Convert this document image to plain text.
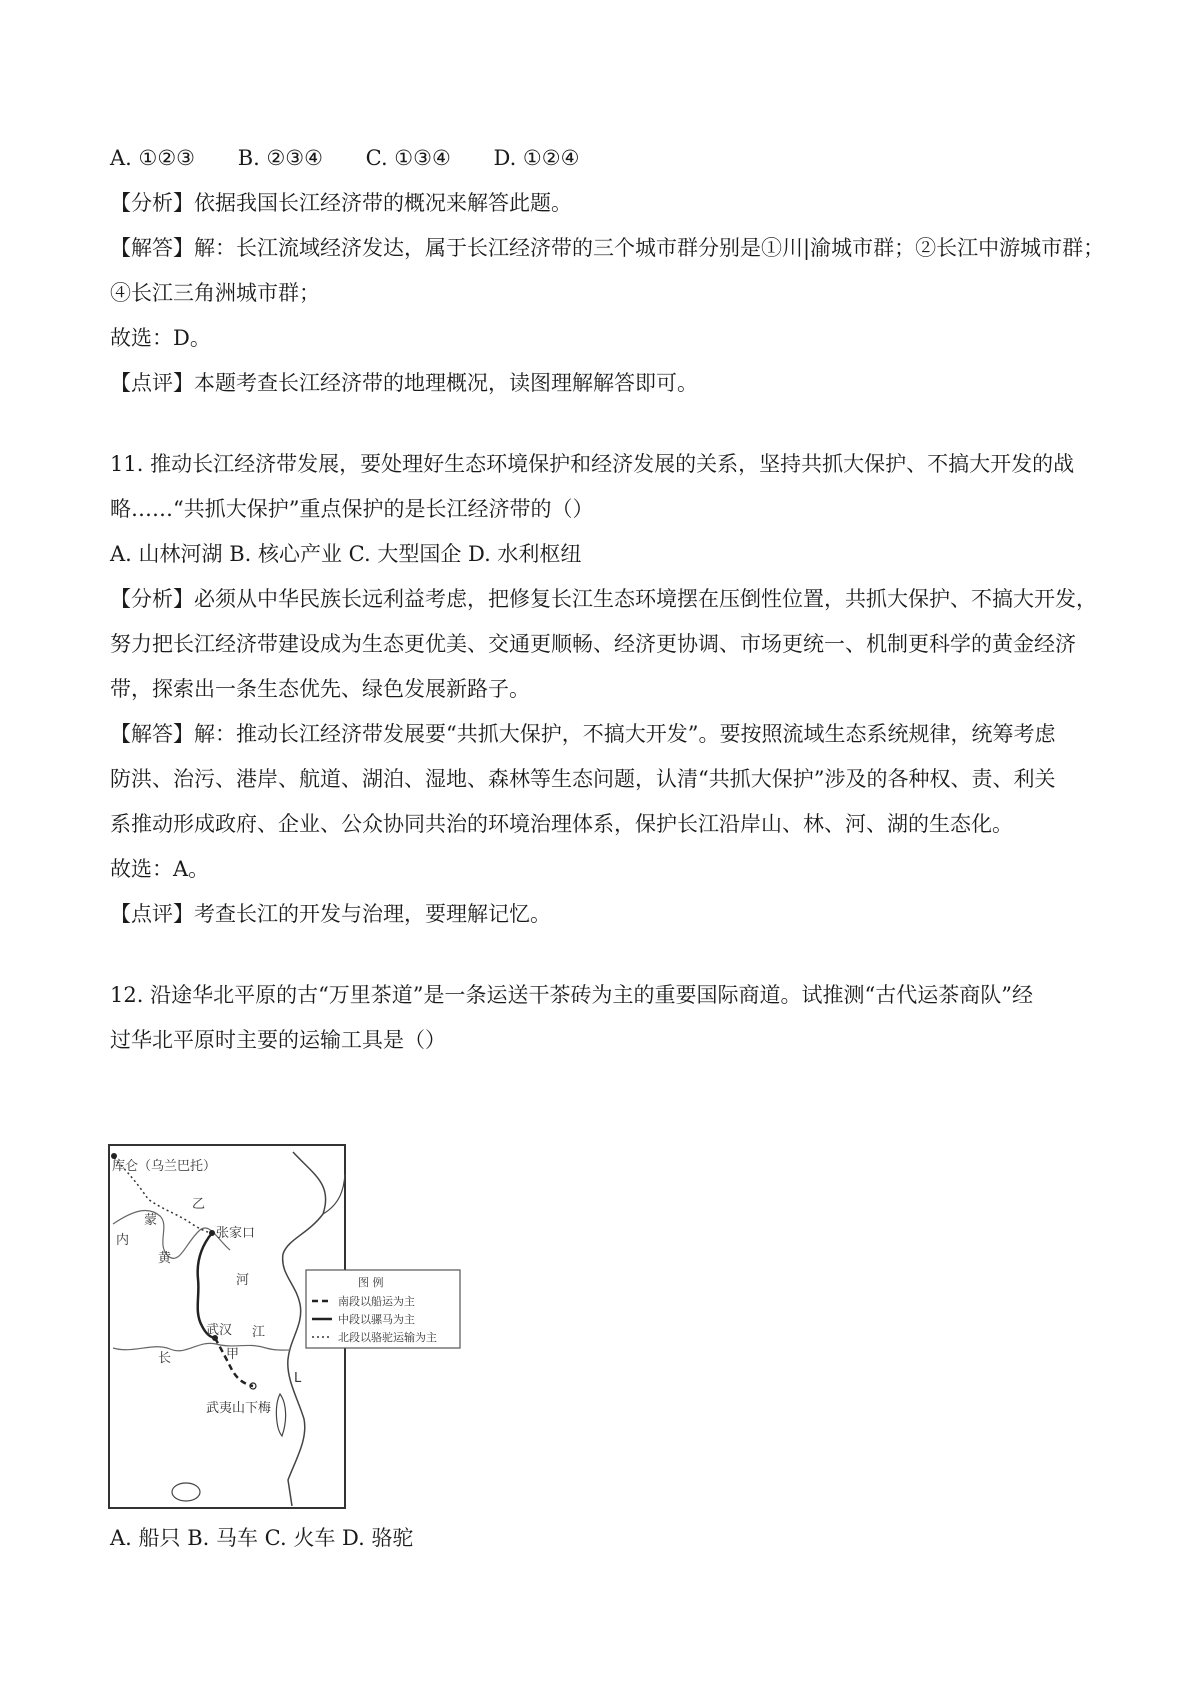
A. ①②③ B. ②③④ C. ①③④ D. ①②④
【分析】依据我国长江经济带的概况来解答此题。
【解答】解：长江流域经济发达，属于长江经济带的三个城市群分别是①川|渝城市群；②长江中游城市群；
④长江三角洲城市群；
故选：D。
【点评】本题考查长江经济带的地理概况，读图理解解答即可。
11. 推动长江经济带发展，要处理好生态环境保护和经济发展的关系，坚持共抓大保护、不搞大开发的战
略……“共抓大保护”重点保护的是长江经济带的（）
A. 山林河湖 B. 核心产业 C. 大型国企 D. 水利枢纽
【分析】必须从中华民族长远利益考虑，把修复长江生态环境摆在压倒性位置，共抓大保护、不搞大开发，
努力把长江经济带建设成为生态更优美、交通更顺畅、经济更协调、市场更统一、机制更科学的黄金经济
带，探索出一条生态优先、绿色发展新路子。
【解答】解：推动长江经济带发展要“共抓大保护，不搞大开发”。要按照流域生态系统规律，统筹考虑
防洪、治污、港岸、航道、湖泊、湿地、森林等生态问题，认清“共抓大保护”涉及的各种权、责、利关
系推动形成政府、企业、公众协同共治的环境治理体系，保护长江沿岸山、林、河、湖的生态化。
故选：A。
【点评】考查长江的开发与治理，要理解记忆。
12. 沿途华北平原的古“万里茶道”是一条运送干茶砖为主的重要国际商道。试推测“古代运茶商队”经
过华北平原时主要的运输工具是（）
库仑（乌兰巴托）
张家口
武汉
武夷山下梅
黄
河
长
江
内
蒙
甲
乙
L
图 例
南段以船运为主
中段以骡马为主
北段以骆驼运输为主
A. 船只 B. 马车 C. 火车 D. 骆驼
